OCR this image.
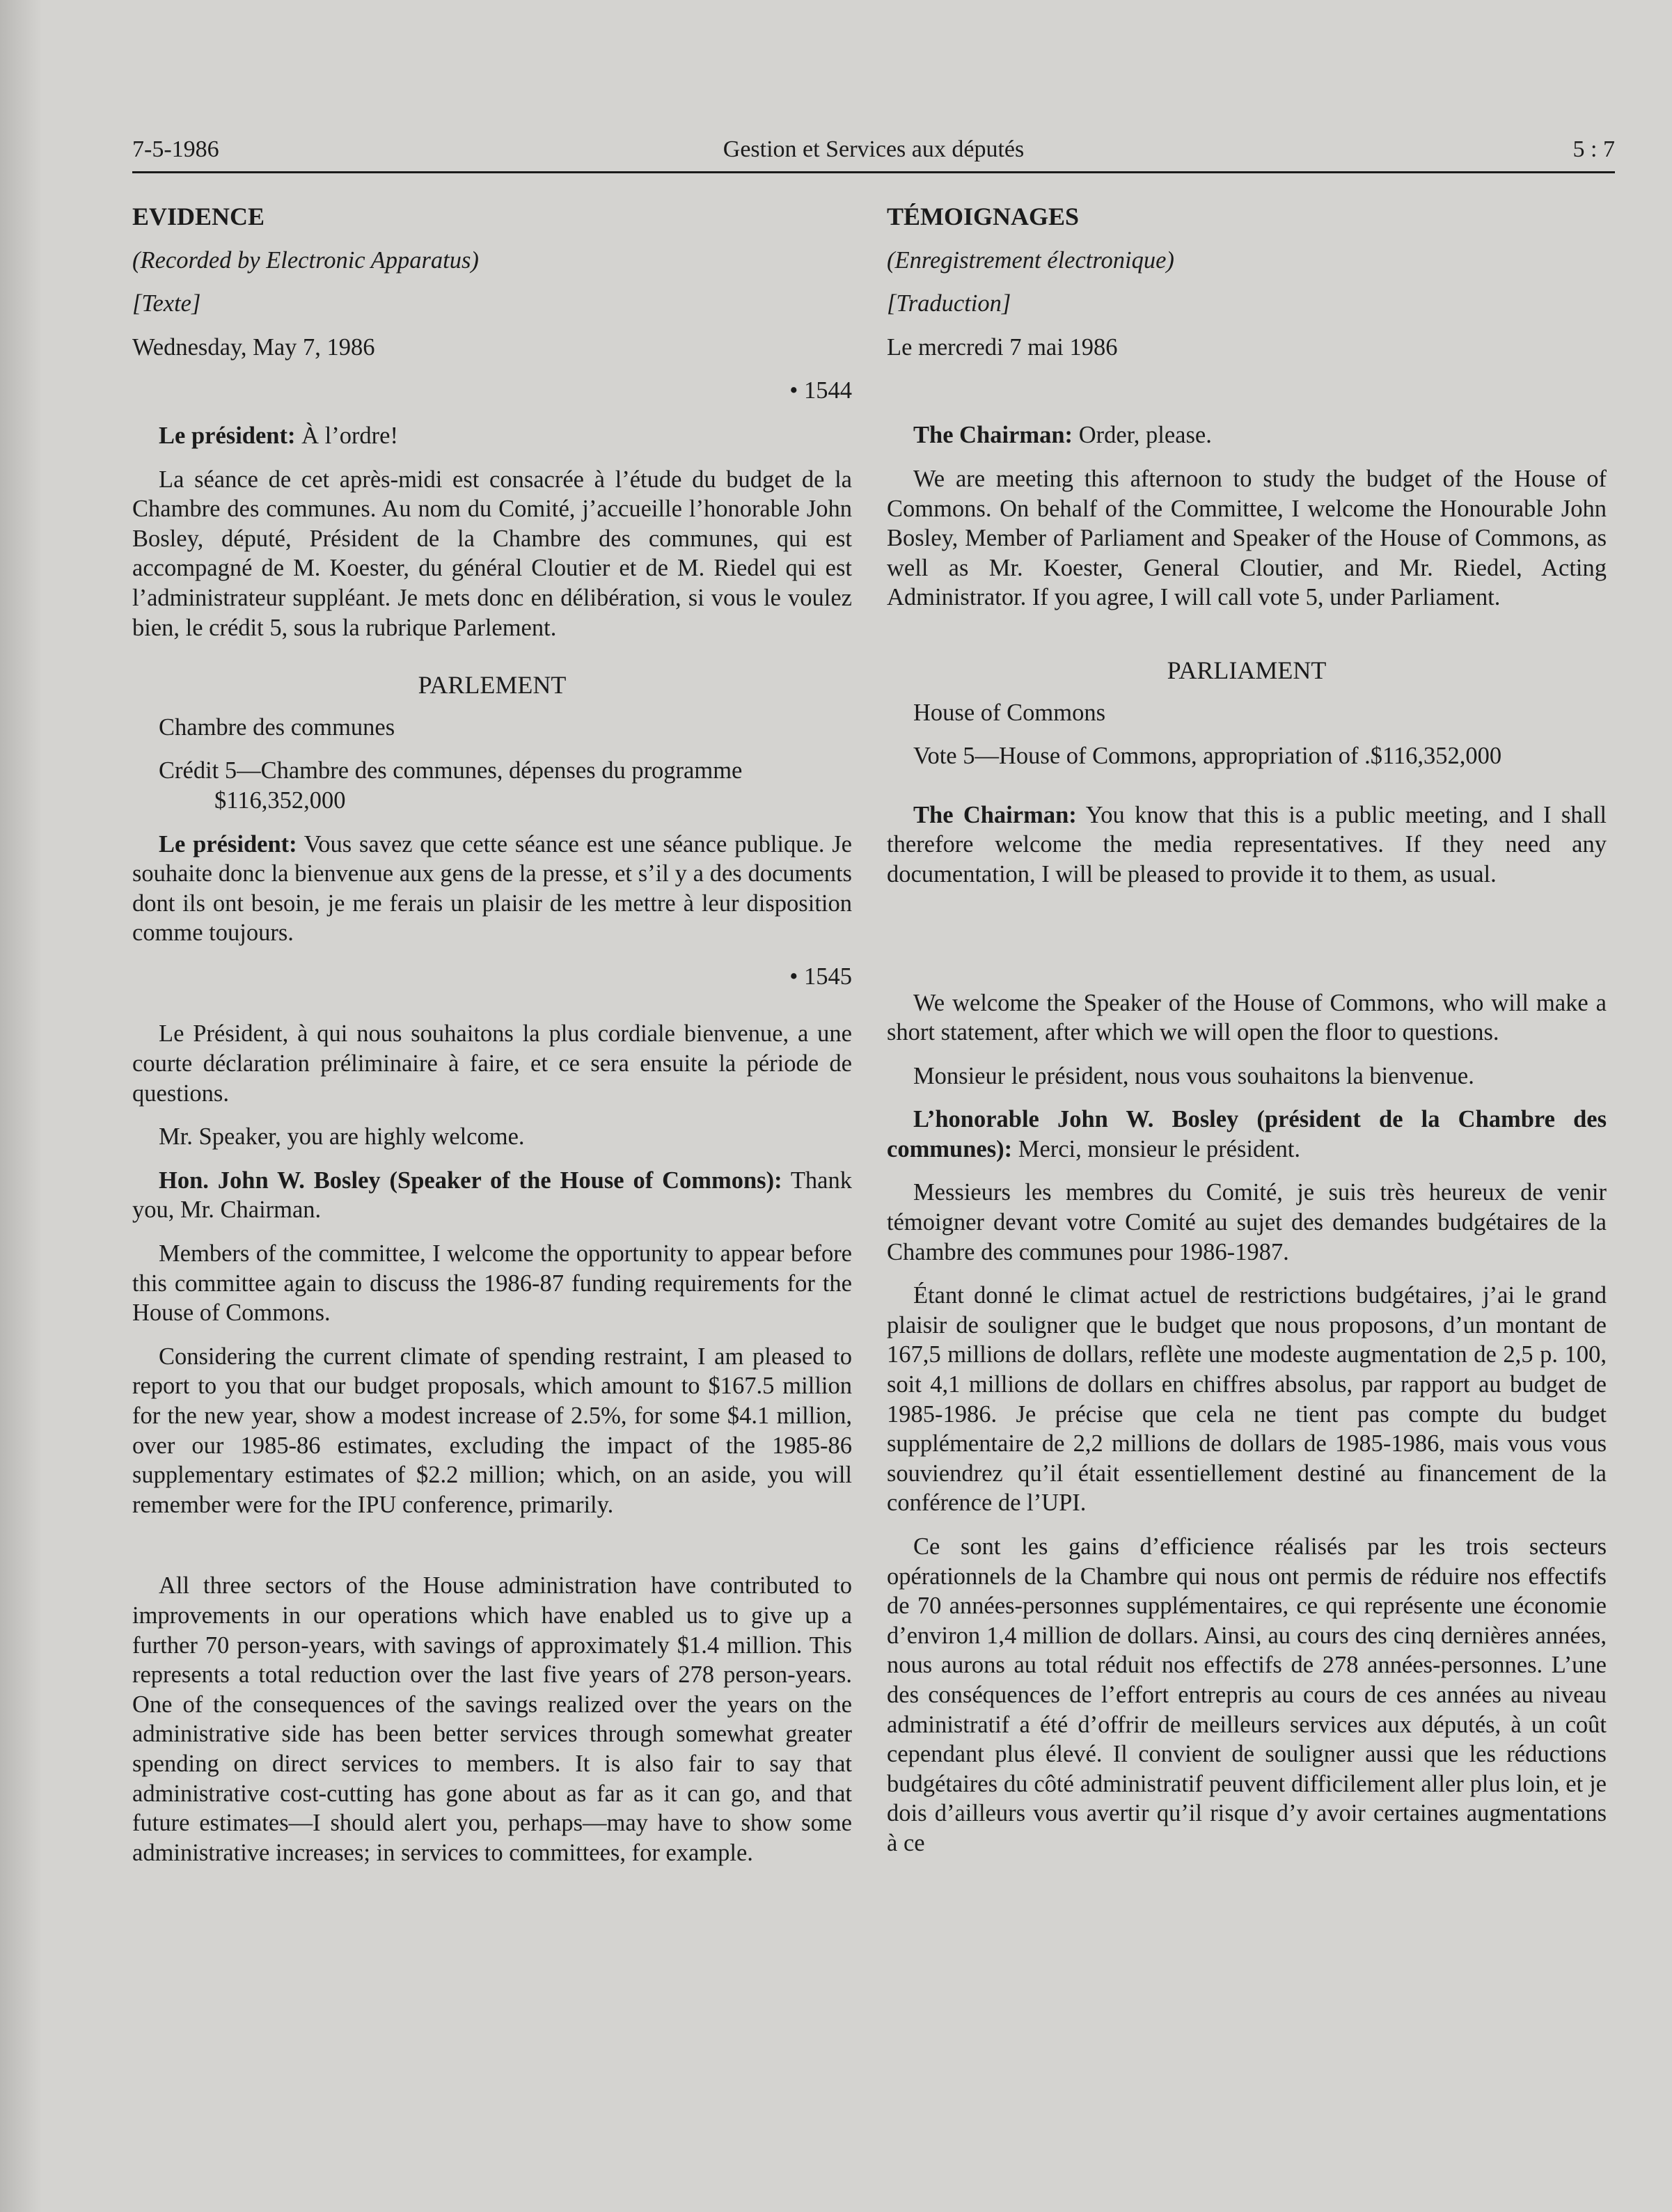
7-5-1986	Gestion et Services aux députés	5 : 7
EVIDENCE
(Recorded by Electronic Apparatus)
[Texte]
Wednesday, May 7, 1986
• 1544

Le président: À l’ordre!

La séance de cet après-midi est consacrée à l’étude du budget de la Chambre des communes. Au nom du Comité, j’accueille l’honorable John Bosley, député, Président de la Chambre des communes, qui est accompagné de M. Koester, du général Cloutier et de M. Riedel qui est l’administrateur suppléant. Je mets donc en délibération, si vous le voulez bien, le crédit 5, sous la rubrique Parlement.

PARLEMENT
Chambre des communes
Crédit 5—Chambre des communes, dépenses du programme
$116,352,000

Le président: Vous savez que cette séance est une séance publique. Je souhaite donc la bienvenue aux gens de la presse, et s’il y a des documents dont ils ont besoin, je me ferais un plaisir de les mettre à leur disposition comme toujours.

• 1545

Le Président, à qui nous souhaitons la plus cordiale bienvenue, a une courte déclaration préliminaire à faire, et ce sera ensuite la période de questions.

Mr. Speaker, you are highly welcome.

Hon. John W. Bosley (Speaker of the House of Commons): Thank you, Mr. Chairman.

Members of the committee, I welcome the opportunity to appear before this committee again to discuss the 1986-87 funding requirements for the House of Commons.

Considering the current climate of spending restraint, I am pleased to report to you that our budget proposals, which amount to $167.5 million for the new year, show a modest increase of 2.5%, for some $4.1 million, over our 1985-86 estimates, excluding the impact of the 1985-86 supplementary estimates of $2.2 million; which, on an aside, you will remember were for the IPU conference, primarily.

All three sectors of the House administration have contributed to improvements in our operations which have enabled us to give up a further 70 person-years, with savings of approximately $1.4 million. This represents a total reduction over the last five years of 278 person-years. One of the consequences of the savings realized over the years on the administrative side has been better services through somewhat greater spending on direct services to members. It is also fair to say that administrative cost-cutting has gone about as far as it can go, and that future estimates—I should alert you, perhaps—may have to show some administrative increases; in services to committees, for example.

TÉMOIGNAGES
(Enregistrement électronique)
[Traduction]
Le mercredi 7 mai 1986

The Chairman: Order, please.

We are meeting this afternoon to study the budget of the House of Commons. On behalf of the Committee, I welcome the Honourable John Bosley, Member of Parliament and Speaker of the House of Commons, as well as Mr. Koester, General Cloutier, and Mr. Riedel, Acting Administrator. If you agree, I will call vote 5, under Parliament.

PARLIAMENT
House of Commons
Vote 5—House of Commons, appropriation of .$116,352,000

The Chairman: You know that this is a public meeting, and I shall therefore welcome the media representatives. If they need any documentation, I will be pleased to provide it to them, as usual.

We welcome the Speaker of the House of Commons, who will make a short statement, after which we will open the floor to questions.

Monsieur le président, nous vous souhaitons la bienvenue.

L’honorable John W. Bosley (président de la Chambre des communes): Merci, monsieur le président.

Messieurs les membres du Comité, je suis très heureux de venir témoigner devant votre Comité au sujet des demandes budgétaires de la Chambre des communes pour 1986-1987.

Étant donné le climat actuel de restrictions budgétaires, j’ai le grand plaisir de souligner que le budget que nous proposons, d’un montant de 167,5 millions de dollars, reflète une modeste augmentation de 2,5 p. 100, soit 4,1 millions de dollars en chiffres absolus, par rapport au budget de 1985-1986. Je précise que cela ne tient pas compte du budget supplémentaire de 2,2 millions de dollars de 1985-1986, mais vous vous souviendrez qu’il était essentiellement destiné au financement de la conférence de l’UPI.

Ce sont les gains d’efficience réalisés par les trois secteurs opérationnels de la Chambre qui nous ont permis de réduire nos effectifs de 70 années-personnes supplémentaires, ce qui représente une économie d’environ 1,4 million de dollars. Ainsi, au cours des cinq dernières années, nous aurons au total réduit nos effectifs de 278 années-personnes. L’une des conséquences de l’effort entrepris au cours de ces années au niveau administratif a été d’offrir de meilleurs services aux députés, à un coût cependant plus élevé. Il convient de souligner aussi que les réductions budgétaires du côté administratif peuvent difficilement aller plus loin, et je dois d’ailleurs vous avertir qu’il risque d’y avoir certaines augmentations à ce
